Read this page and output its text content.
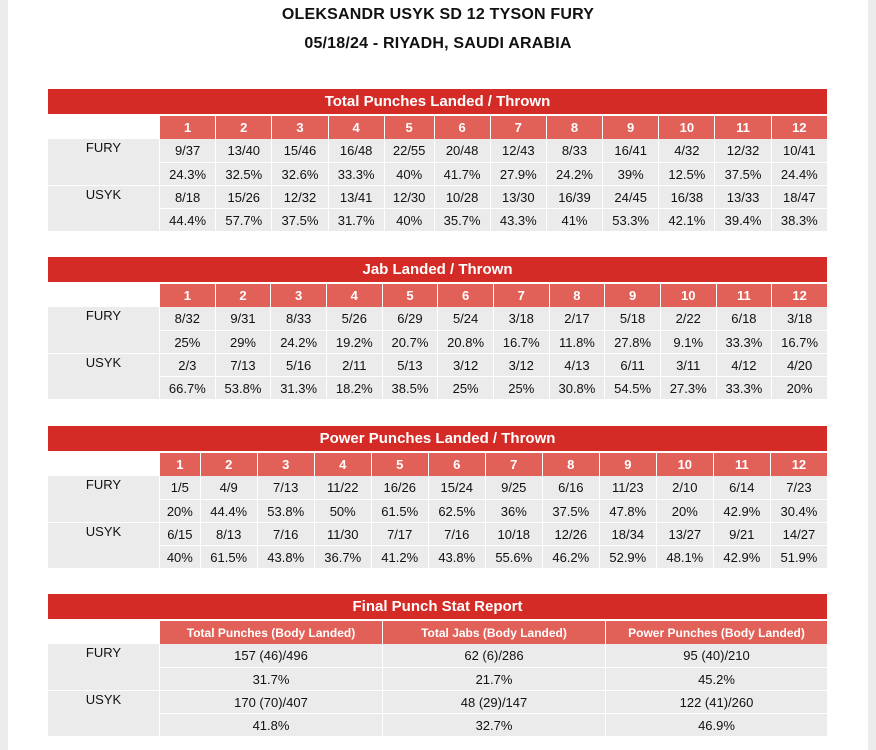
OLEKSANDR USYK SD 12 TYSON FURY
05/18/24 - RIYADH, SAUDI ARABIA
Total Punches Landed / Thrown												
	1	2	3	4	5	6	7	8	9	10	11	12

FURY	9/37	13/40	15/46	16/48	22/55	20/48	12/43	8/33	16/41	4/32	12/32	10/41
	24.3%	32.5%	32.6%	33.3%	40%	41.7%	27.9%	24.2%	39%	12.5%	37.5%	24.4%

USYK	8/18	15/26	12/32	13/41	12/30	10/28	13/30	16/39	24/45	16/38	13/33	18/47
	44.4%	57.7%	37.5%	31.7%	40%	35.7%	43.3%	41%	53.3%	42.1%	39.4%	38.3%
Jab Landed / Thrown												
	1	2	3	4	5	6	7	8	9	10	11	12

FURY	8/32	9/31	8/33	5/26	6/29	5/24	3/18	2/17	5/18	2/22	6/18	3/18
	25%	29%	24.2%	19.2%	20.7%	20.8%	16.7%	11.8%	27.8%	9.1%	33.3%	16.7%

USYK	2/3	7/13	5/16	2/11	5/13	3/12	3/12	4/13	6/11	3/11	4/12	4/20
	66.7%	53.8%	31.3%	18.2%	38.5%	25%	25%	30.8%	54.5%	27.3%	33.3%	20%
Power Punches Landed / Thrown												
	1	2	3	4	5	6	7	8	9	10	11	12

FURY	1/5	4/9	7/13	11/22	16/26	15/24	9/25	6/16	11/23	2/10	6/14	7/23
	20%	44.4%	53.8%	50%	61.5%	62.5%	36%	37.5%	47.8%	20%	42.9%	30.4%

USYK	6/15	8/13	7/16	11/30	7/17	7/16	10/18	12/26	18/34	13/27	9/21	14/27
	40%	61.5%	43.8%	36.7%	41.2%	43.8%	55.6%	46.2%	52.9%	48.1%	42.9%	51.9%
Final Punch Stat Report			
	Total Punches (Body Landed)	Total Jabs (Body Landed)	Power Punches (Body Landed)

FURY	157 (46)/496	62 (6)/286	95 (40)/210
	31.7%	21.7%	45.2%

USYK	170 (70)/407	48 (29)/147	122 (41)/260
	41.8%	32.7%	46.9%
